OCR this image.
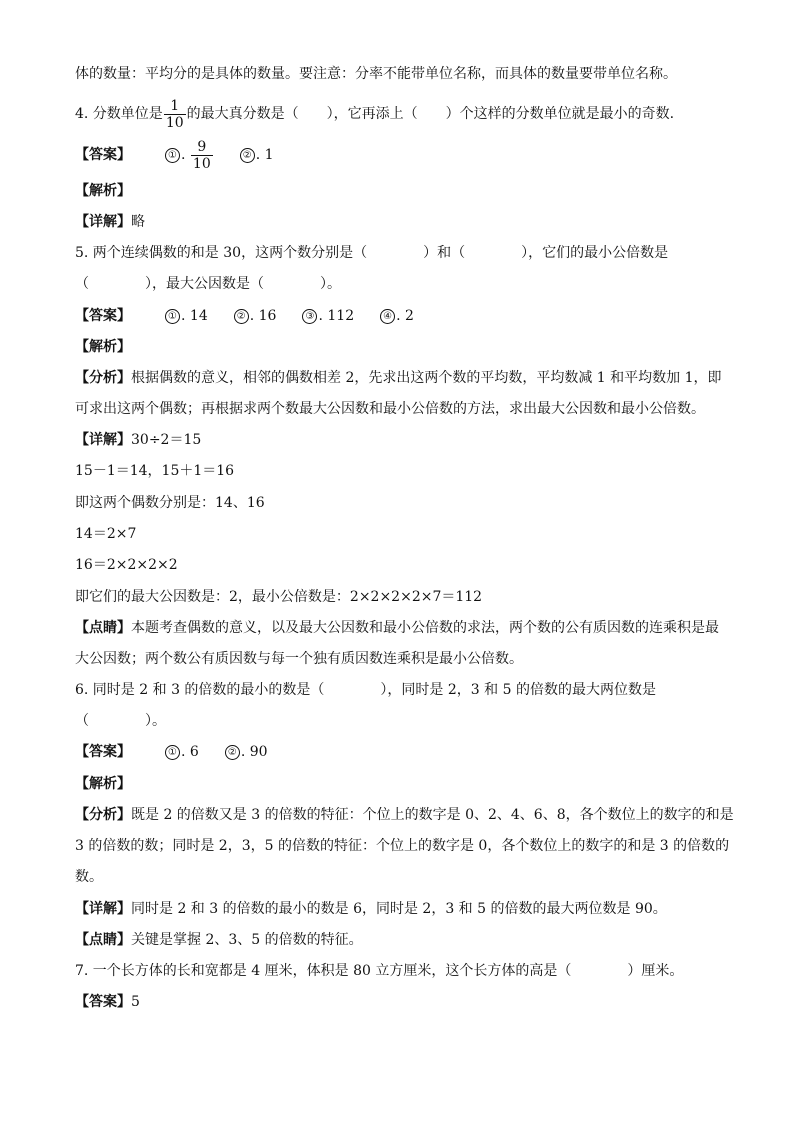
体的数量：平均分的是具体的数量。要注意：分率不能带单位名称，而具体的数量要带单位名称。
4. 分数单位是 $\frac{1}{10}$ 的最大真分数是（　　），它再添上（　　）个这样的分数单位就是最小的奇数.
【答案】	① . $\frac{9}{10}$	② . 1
【解析】
【详解】略
5. 两个连续偶数的和是 30，这两个数分别是（　　　　）和（　　　　），它们的最小公倍数是
（　　　　），最大公因数是（　　　　）。
【答案】	① . 14	② . 16	③ . 112	④ . 2
【解析】
【分析】根据偶数的意义，相邻的偶数相差 2，先求出这两个数的平均数，平均数减 1 和平均数加 1，即
可求出这两个偶数；再根据求两个数最大公因数和最小公倍数的方法，求出最大公因数和最小公倍数。
【详解】30÷2＝15
15－1＝14，15＋1＝16
即这两个偶数分别是：14、16
14＝2×7
16＝2×2×2×2
即它们的最大公因数是：2，最小公倍数是：2×2×2×2×7＝112
【点睛】本题考查偶数的意义，以及最大公因数和最小公倍数的求法，两个数的公有质因数的连乘积是最
大公因数；两个数公有质因数与每一个独有质因数连乘积是最小公倍数。
6. 同时是 2 和 3 的倍数的最小的数是（　　　　），同时是 2，3 和 5 的倍数的最大两位数是
（　　　　）。
【答案】	① . 6	② . 90
【解析】
【分析】既是 2 的倍数又是 3 的倍数的特征：个位上的数字是 0、2、4、6、8，各个数位上的数字的和是
3 的倍数的数；同时是 2，3，5 的倍数的特征：个位上的数字是 0，各个数位上的数字的和是 3 的倍数的
数。
【详解】同时是 2 和 3 的倍数的最小的数是 6，同时是 2，3 和 5 的倍数的最大两位数是 90。
【点睛】关键是掌握 2、3、5 的倍数的特征。
7. 一个长方体的长和宽都是 4 厘米，体积是 80 立方厘米，这个长方体的高是（　　　　）厘米。
【答案】5
